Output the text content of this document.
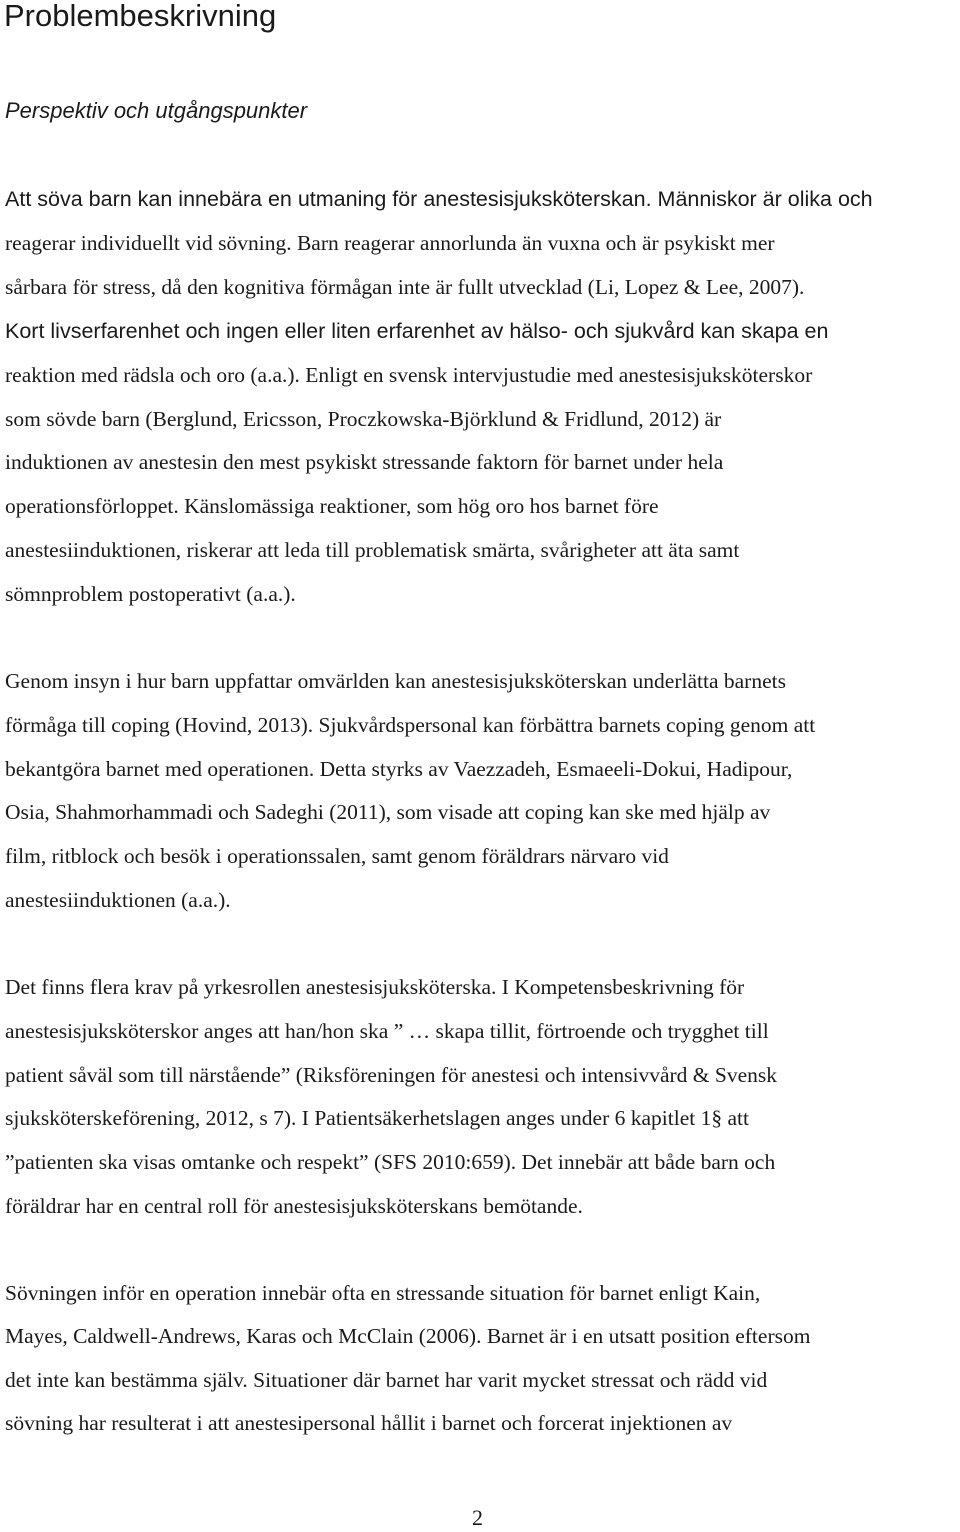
Problembeskrivning
Perspektiv och utgångspunkter

Att söva barn kan innebära en utmaning för anestesisjuksköterskan. Människor är olika och

reagerar individuellt vid sövning. Barn reagerar annorlunda än vuxna och är psykiskt mer

sårbara för stress, då den kognitiva förmågan inte är fullt utvecklad (Li, Lopez & Lee, 2007).

Kort livserfarenhet och ingen eller liten erfarenhet av hälso- och sjukvård kan skapa en

reaktion med rädsla och oro (a.a.). Enligt en svensk intervjustudie med anestesisjuksköterskor

som sövde barn (Berglund, Ericsson, Proczkowska-Björklund & Fridlund, 2012) är

induktionen av anestesin den mest psykiskt stressande faktorn för barnet under hela

operationsförloppet. Känslomässiga reaktioner, som hög oro hos barnet före

anestesiinduktionen, riskerar att leda till problematisk smärta, svårigheter att äta samt

sömnproblem postoperativt (a.a.).

Genom insyn i hur barn uppfattar omvärlden kan anestesisjuksköterskan underlätta barnets

förmåga till coping (Hovind, 2013). Sjukvårdspersonal kan förbättra barnets coping genom att

bekantgöra barnet med operationen. Detta styrks av Vaezzadeh, Esmaeeli-Dokui, Hadipour,

Osia, Shahmorhammadi och Sadeghi (2011), som visade att coping kan ske med hjälp av

film, ritblock och besök i operationssalen, samt genom föräldrars närvaro vid

anestesiinduktionen (a.a.).

Det finns flera krav på yrkesrollen anestesisjuksköterska. I Kompetensbeskrivning för

anestesisjuksköterskor anges att han/hon ska ” … skapa tillit, förtroende och trygghet till

patient såväl som till närstående” (Riksföreningen för anestesi och intensivvård & Svensk

sjuksköterskeförening, 2012, s 7). I Patientsäkerhetslagen anges under 6 kapitlet 1§ att

”patienten ska visas omtanke och respekt” (SFS 2010:659). Det innebär att både barn och

föräldrar har en central roll för anestesisjuksköterskans bemötande.

Sövningen inför en operation innebär ofta en stressande situation för barnet enligt Kain,

Mayes, Caldwell-Andrews, Karas och McClain (2006). Barnet är i en utsatt position eftersom

det inte kan bestämma själv. Situationer där barnet har varit mycket stressat och rädd vid

sövning har resulterat i att anestesipersonal hållit i barnet och forcerat injektionen av

2
